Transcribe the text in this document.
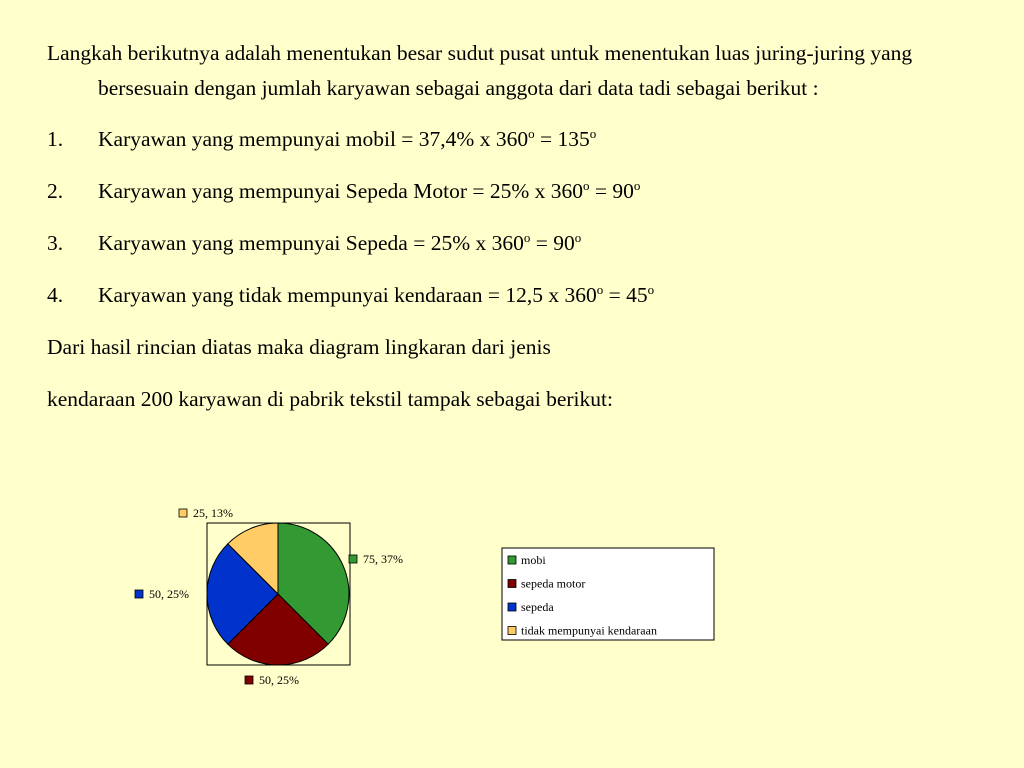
Langkah berikutnya adalah menentukan besar sudut pusat untuk menentukan luas juring-juring yang bersesuain dengan jumlah karyawan sebagai anggota dari data tadi sebagai berikut :

1.	Karyawan yang mempunyai mobil = 37,4% x $360^o = 135^o$
2.	Karyawan yang mempunyai Sepeda Motor = 25% x $360^o = 90^o$
3.	Karyawan yang mempunyai Sepeda = 25% x $360^o = 90^o$
4.	Karyawan yang tidak mempunyai kendaraan = 12,5 x $360^o = 45^o$

Dari hasil rincian diatas maka diagram lingkaran dari jenis

kendaraan 200 karyawan di pabrik tekstil tampak sebagai berikut:

75, 37%
50, 25%
50, 25%
25, 13%
mobi
sepeda motor
sepeda
tidak mempunyai kendaraan
